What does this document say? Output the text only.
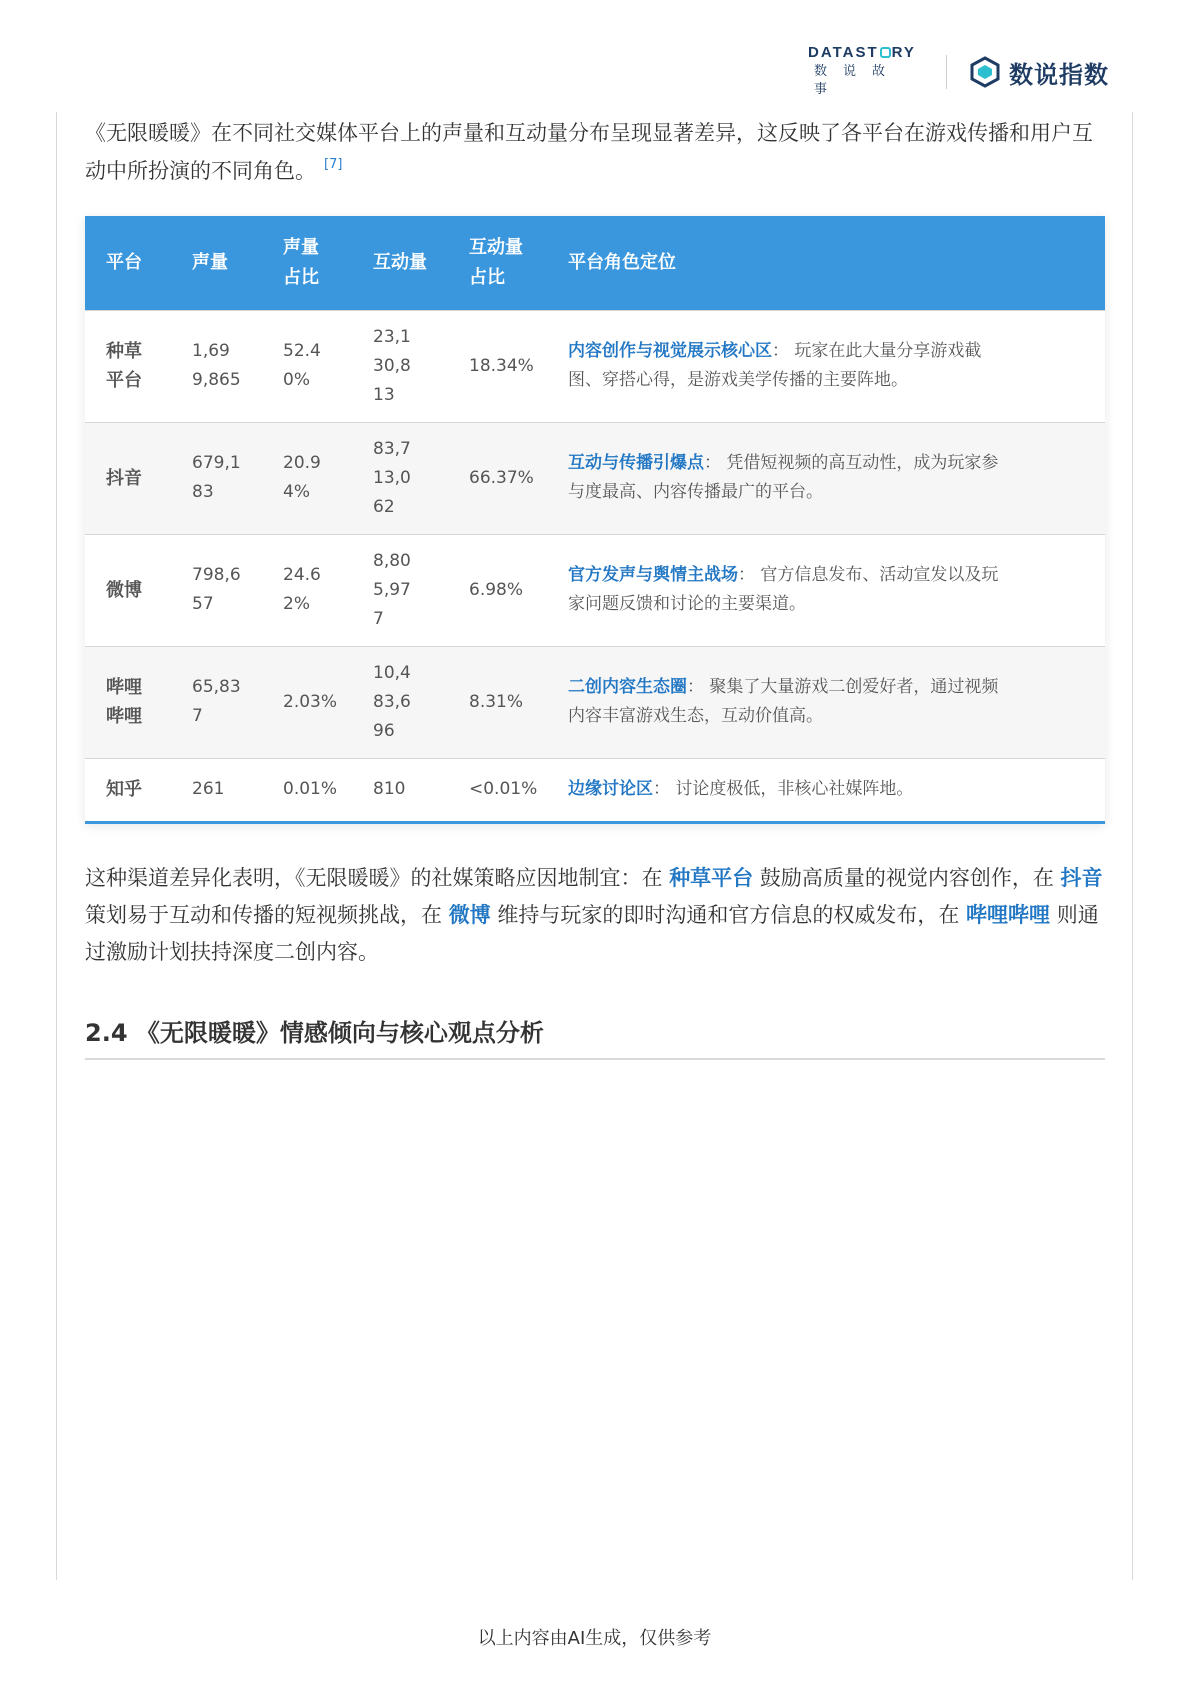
DATAST RY
数说故事
数说指数

《无限暖暖》在不同社交媒体平台上的声量和互动量分布呈现显著差异，这反映了各平台在游戏传播和用户互动中所扮演的不同角色。 [7]

平台	声量	声量占比	互动量	互动量占比	平台角色定位

种草平台	1,699,865	52.40%	23,130,813	18.34%	内容创作与视觉展示核心区： 玩家在此大量分享游戏截图、穿搭心得，是游戏美学传播的主要阵地。

抖音	679,183	20.94%	83,713,062	66.37%	互动与传播引爆点： 凭借短视频的高互动性，成为玩家参与度最高、内容传播最广的平台。

微博	798,657	24.62%	8,805,977	6.98%	官方发声与舆情主战场： 官方信息发布、活动宣发以及玩家问题反馈和讨论的主要渠道。

哔哩哔哩	65,837	2.03%	10,483,696	8.31%	二创内容生态圈： 聚集了大量游戏二创爱好者，通过视频内容丰富游戏生态，互动价值高。

知乎	261	0.01%	810	<0.01%	边缘讨论区： 讨论度极低，非核心社媒阵地。

这种渠道差异化表明，《无限暖暖》的社媒策略应因地制宜：在 种草平台 鼓励高质量的视觉内容创作，在 抖音 策划易于互动和传播的短视频挑战，在 微博 维持与玩家的即时沟通和官方信息的权威发布，在 哔哩哔哩 则通过激励计划扶持深度二创内容。

2.4 《无限暖暖》情感倾向与核心观点分析
以上内容由AI生成，仅供参考
